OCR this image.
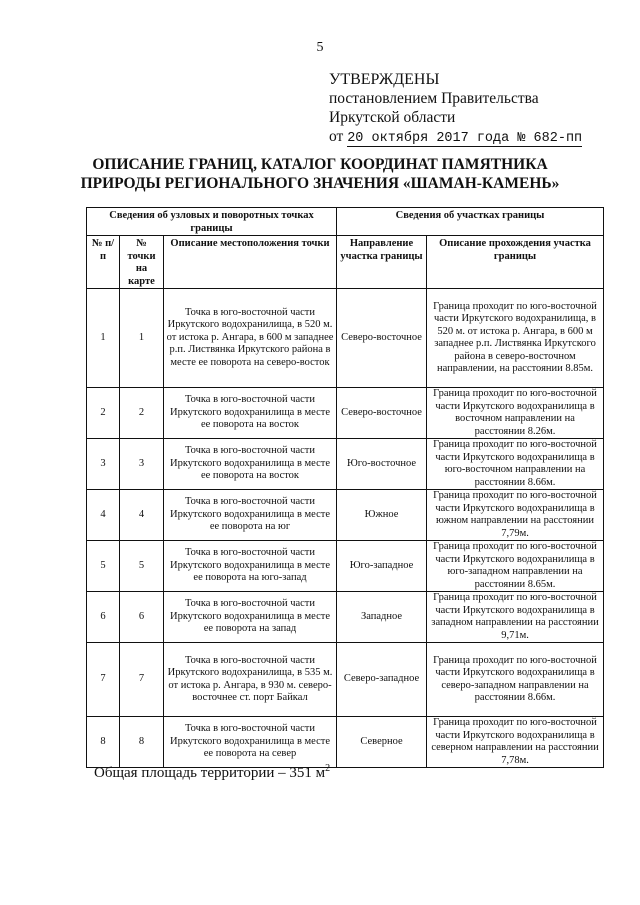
5
УТВЕРЖДЕНЫ
постановлением Правительства
Иркутской области
от 20 октября 2017 года № 682-пп
ОПИСАНИЕ ГРАНИЦ, КАТАЛОГ КООРДИНАТ ПАМЯТНИКА
ПРИРОДЫ РЕГИОНАЛЬНОГО ЗНАЧЕНИЯ «ШАМАН-КАМЕНЬ»
Сведения об узловых и поворотных точках границы			Сведения об участках границы	
№ п/п	№ точки на карте	Описание местоположения точки	Направление участка границы	Описание прохождения участка границы
1	1	Точка в юго-восточной части Иркутского водохранилища, в 520 м. от истока р. Ангара, в 600 м западнее р.п. Листвянка Иркутского района в месте ее поворота на северо-восток	Северо-восточное	Граница проходит по юго-восточной части Иркутского водохранилища, в 520 м. от истока р. Ангара, в 600 м западнее р.п. Листвянка Иркутского района в северо-восточном направлении, на расстоянии 8.85м.
2	2	Точка в юго-восточной части Иркутского водохранилища в месте ее поворота на восток	Северо-восточное	Граница проходит по юго-восточной части Иркутского водохранилища в восточном направлении на расстоянии 8.26м.
3	3	Точка в юго-восточной части Иркутского водохранилища в месте ее поворота на восток	Юго-восточное	Граница проходит по юго-восточной части Иркутского водохранилища в юго-восточном направлении на расстоянии 8.66м.
4	4	Точка в юго-восточной части Иркутского водохранилища в месте ее поворота на юг	Южное	Граница проходит по юго-восточной части Иркутского водохранилища в южном направлении на расстоянии 7,79м.
5	5	Точка в юго-восточной части Иркутского водохранилища в месте ее поворота на юго-запад	Юго-западное	Граница проходит по юго-восточной части Иркутского водохранилища в юго-западном направлении на расстоянии 8.65м.
6	6	Точка в юго-восточной части Иркутского водохранилища в месте ее поворота на запад	Западное	Граница проходит по юго-восточной части Иркутского водохранилища в западном направлении на расстоянии 9,71м.
7	7	Точка в юго-восточной части Иркутского водохранилища, в 535 м. от истока р. Ангара, в 930 м. северо-восточнее ст. порт Байкал	Северо-западное	Граница проходит по юго-восточной части Иркутского водохранилища в северо-западном направлении на расстоянии 8.66м.
8	8	Точка в юго-восточной части Иркутского водохранилища в месте ее поворота на север	Северное	Граница проходит по юго-восточной части Иркутского водохранилища в северном направлении на расстоянии 7,78м.
Общая площадь территории – 351 $м^2$
